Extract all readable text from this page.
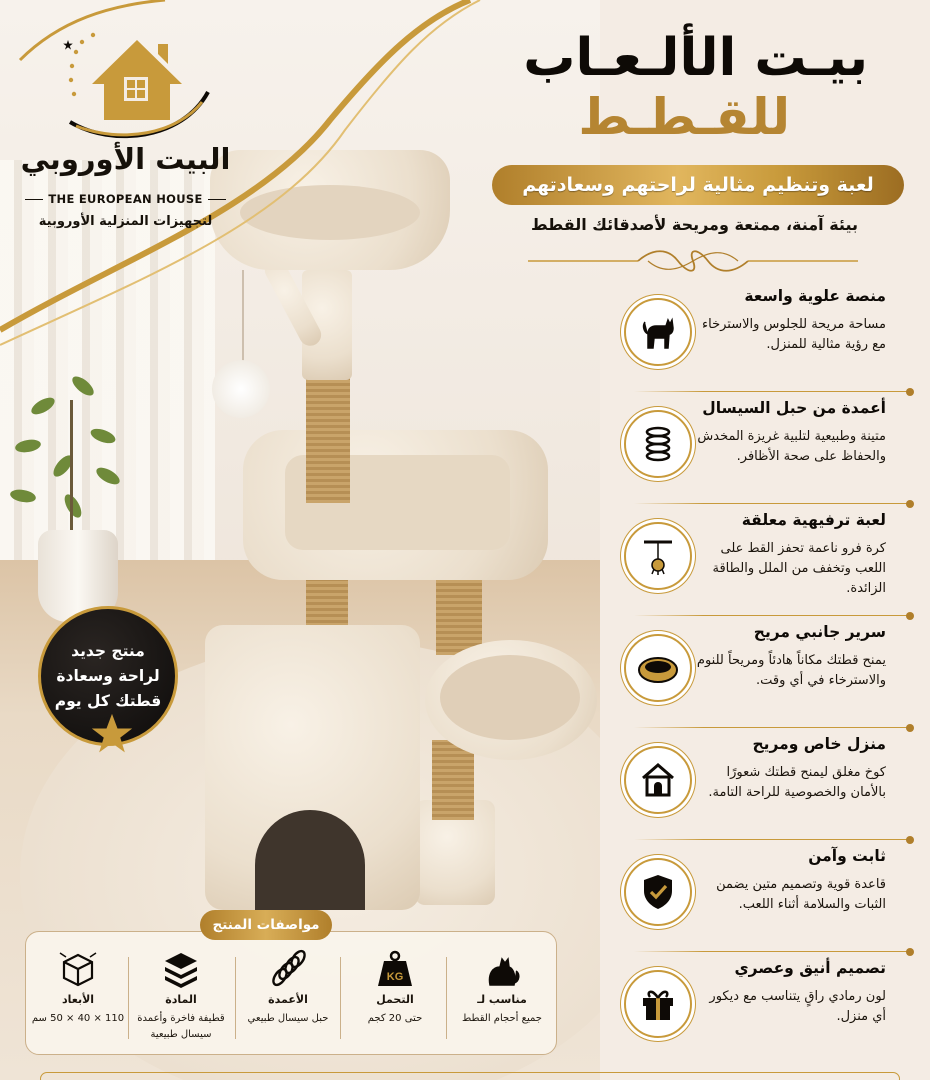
البيت الأوروبي
THE EUROPEAN HOUSE
لتجهيزات المنزلية الأوروبية
منتج جديد
لراحة وسعادة
قطتك كل يوم
بيـت الألـعـاب
للقـطـط
لعبة وتنظيم مثالية لراحتهم وسعادتهم
بيئة آمنة، ممتعة ومريحة لأصدقائك القطط
منصة علوية واسعة
مساحة مريحة للجلوس والاسترخاء مع رؤية مثالية للمنزل.
أعمدة من حبل السيسال
متينة وطبيعية لتلبية غريزة المخدش والحفاظ على صحة الأظافر.
لعبة ترفيهية معلقة
كرة فرو ناعمة تحفز القط على اللعب وتخفف من الملل والطاقة الزائدة.
سرير جانبي مريح
يمنح قطتك مكاناً هادئاً ومريحاً للنوم والاسترخاء في أي وقت.
منزل خاص ومريح
كوخ مغلق ليمنح قطتك شعورًا بالأمان والخصوصية للراحة التامة.
ثابت وآمن
قاعدة قوية وتصميم متين يضمن الثبات والسلامة أثناء اللعب.
تصميم أنيق وعصري
لون رمادي راقٍ يتناسب مع ديكور أي منزل.
مواصفات المنتج
مناسب لـ
جميع أحجام القطط
KG
التحمل
حتى 20 كجم
الأعمدة
حبل سيسال طبيعي
المادة
قطيفة فاخرة وأعمدة سيسال طبيعية
الأبعاد
110 × 40 × 50 سم
